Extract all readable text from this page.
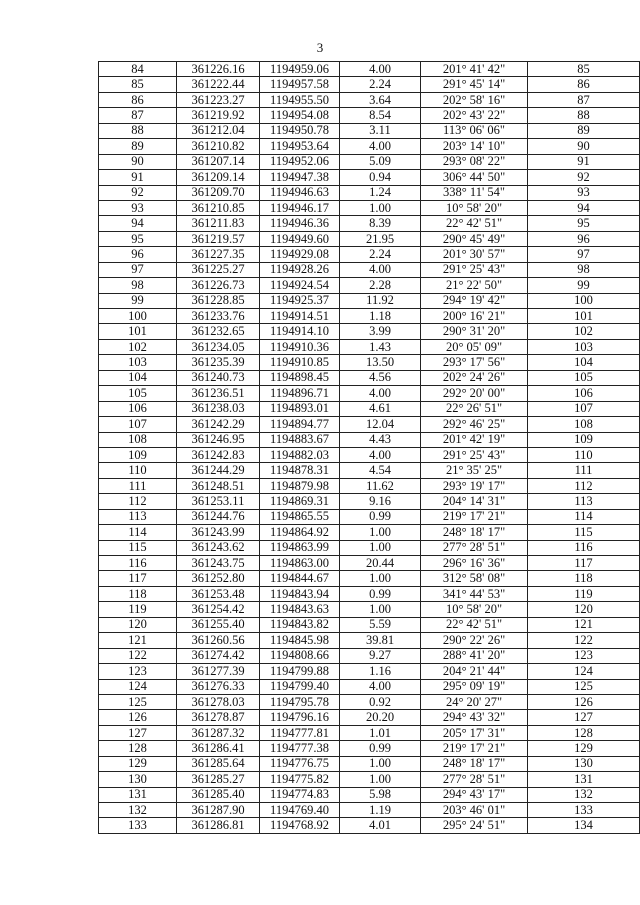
3
84	361226.16	1194959.06	4.00	201° 41' 42"	85
85	361222.44	1194957.58	2.24	291° 45' 14"	86
86	361223.27	1194955.50	3.64	202° 58' 16"	87
87	361219.92	1194954.08	8.54	202° 43' 22"	88
88	361212.04	1194950.78	3.11	113° 06' 06"	89
89	361210.82	1194953.64	4.00	203° 14' 10"	90
90	361207.14	1194952.06	5.09	293° 08' 22"	91
91	361209.14	1194947.38	0.94	306° 44' 50"	92
92	361209.70	1194946.63	1.24	338° 11' 54"	93
93	361210.85	1194946.17	1.00	10° 58' 20"	94
94	361211.83	1194946.36	8.39	22° 42' 51"	95
95	361219.57	1194949.60	21.95	290° 45' 49"	96
96	361227.35	1194929.08	2.24	201° 30' 57"	97
97	361225.27	1194928.26	4.00	291° 25' 43"	98
98	361226.73	1194924.54	2.28	21° 22' 50"	99
99	361228.85	1194925.37	11.92	294° 19' 42"	100
100	361233.76	1194914.51	1.18	200° 16' 21"	101
101	361232.65	1194914.10	3.99	290° 31' 20"	102
102	361234.05	1194910.36	1.43	20° 05' 09"	103
103	361235.39	1194910.85	13.50	293° 17' 56"	104
104	361240.73	1194898.45	4.56	202° 24' 26"	105
105	361236.51	1194896.71	4.00	292° 20' 00"	106
106	361238.03	1194893.01	4.61	22° 26' 51"	107
107	361242.29	1194894.77	12.04	292° 46' 25"	108
108	361246.95	1194883.67	4.43	201° 42' 19"	109
109	361242.83	1194882.03	4.00	291° 25' 43"	110
110	361244.29	1194878.31	4.54	21° 35' 25"	111
111	361248.51	1194879.98	11.62	293° 19' 17"	112
112	361253.11	1194869.31	9.16	204° 14' 31"	113
113	361244.76	1194865.55	0.99	219° 17' 21"	114
114	361243.99	1194864.92	1.00	248° 18' 17"	115
115	361243.62	1194863.99	1.00	277° 28' 51"	116
116	361243.75	1194863.00	20.44	296° 16' 36"	117
117	361252.80	1194844.67	1.00	312° 58' 08"	118
118	361253.48	1194843.94	0.99	341° 44' 53"	119
119	361254.42	1194843.63	1.00	10° 58' 20"	120
120	361255.40	1194843.82	5.59	22° 42' 51"	121
121	361260.56	1194845.98	39.81	290° 22' 26"	122
122	361274.42	1194808.66	9.27	288° 41' 20"	123
123	361277.39	1194799.88	1.16	204° 21' 44"	124
124	361276.33	1194799.40	4.00	295° 09' 19"	125
125	361278.03	1194795.78	0.92	24° 20' 27"	126
126	361278.87	1194796.16	20.20	294° 43' 32"	127
127	361287.32	1194777.81	1.01	205° 17' 31"	128
128	361286.41	1194777.38	0.99	219° 17' 21"	129
129	361285.64	1194776.75	1.00	248° 18' 17"	130
130	361285.27	1194775.82	1.00	277° 28' 51"	131
131	361285.40	1194774.83	5.98	294° 43' 17"	132
132	361287.90	1194769.40	1.19	203° 46' 01"	133
133	361286.81	1194768.92	4.01	295° 24' 51"	134
